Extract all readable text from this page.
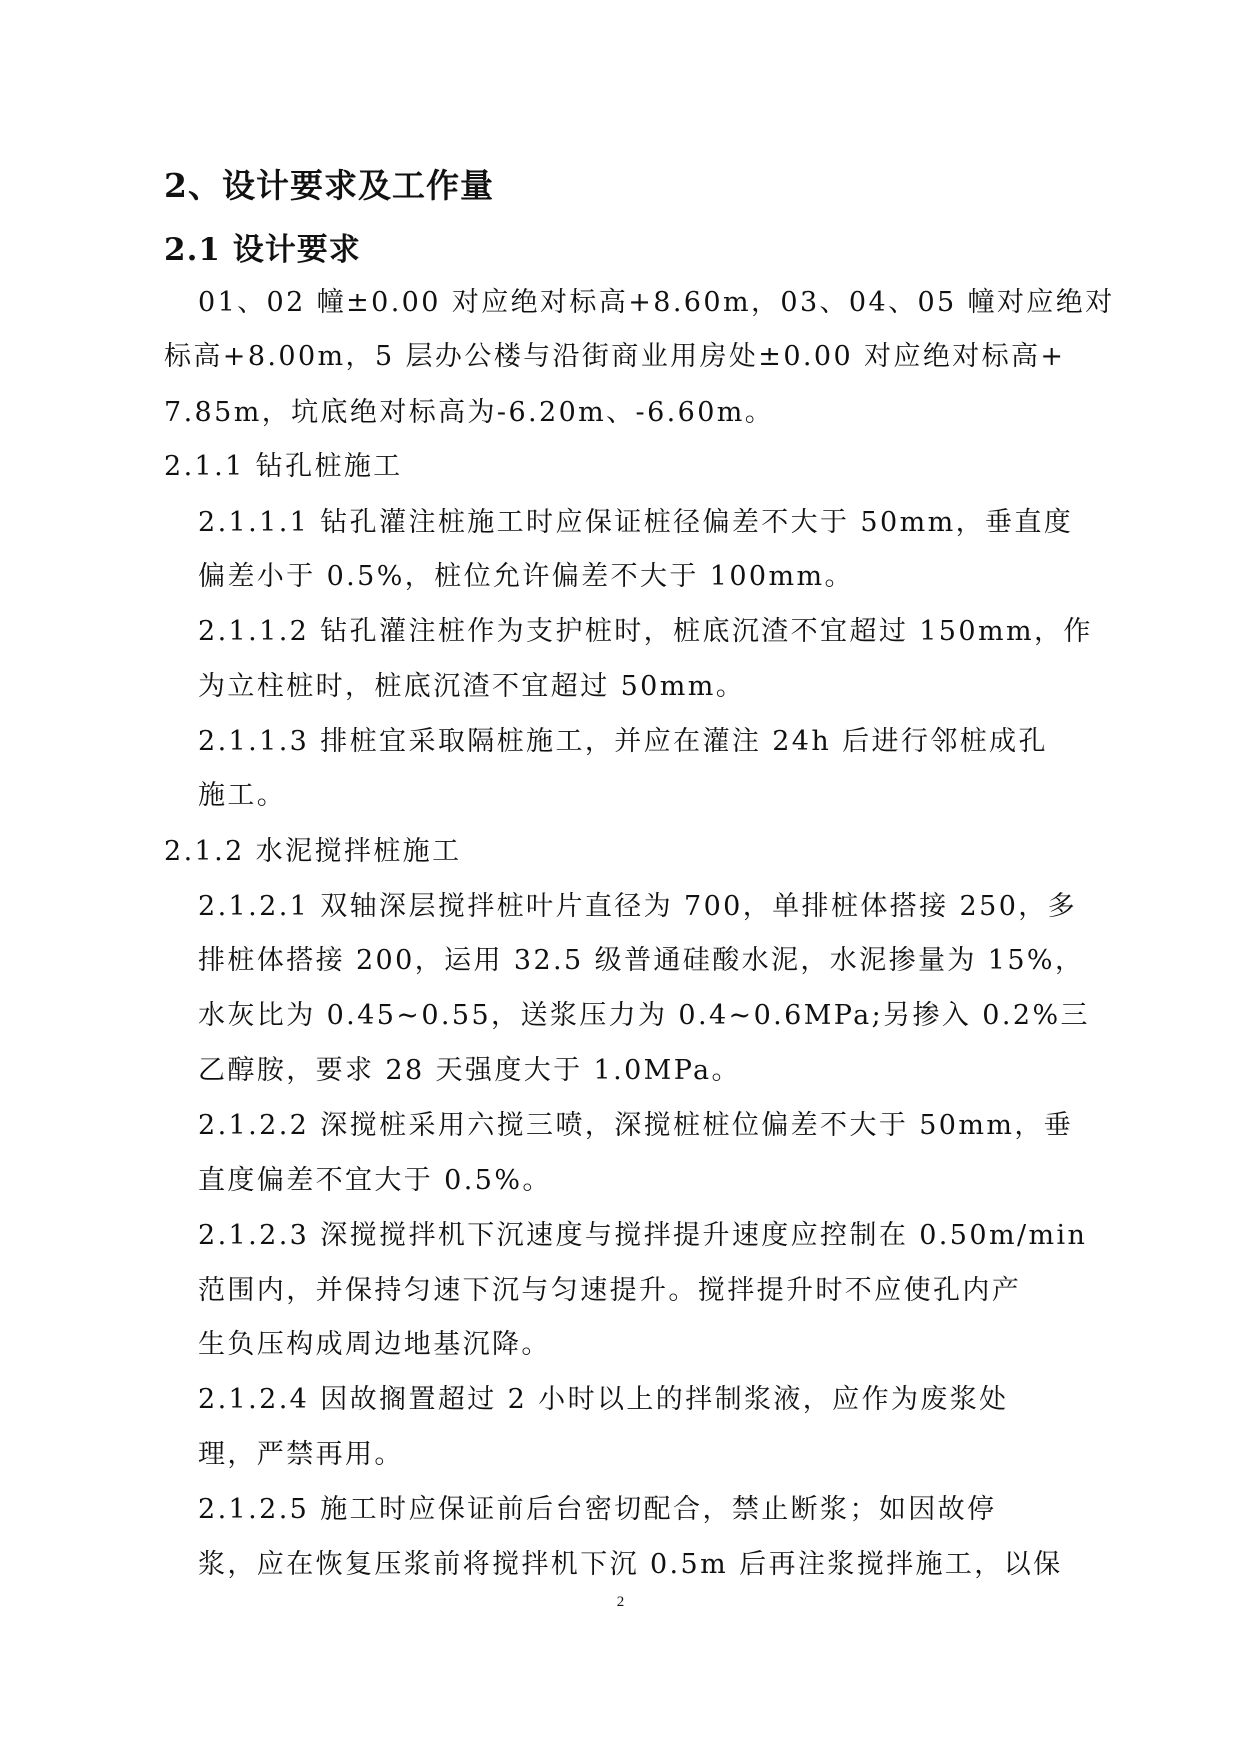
2、设计要求及工作量
2.1 设计要求
01、02 幢±0.00 对应绝对标高+8.60m，03、04、05 幢对应绝对
标高+8.00m，5 层办公楼与沿街商业用房处±0.00 对应绝对标高+
7.85m，坑底绝对标高为-6.20m、-6.60m。
2.1.1 钻孔桩施工
2.1.1.1 钻孔灌注桩施工时应保证桩径偏差不大于 50mm，垂直度
偏差小于 0.5%，桩位允许偏差不大于 100mm。
2.1.1.2 钻孔灌注桩作为支护桩时，桩底沉渣不宜超过 150mm，作
为立柱桩时，桩底沉渣不宜超过 50mm。
2.1.1.3 排桩宜采取隔桩施工，并应在灌注 24h 后进行邻桩成孔
施工。
2.1.2 水泥搅拌桩施工
2.1.2.1 双轴深层搅拌桩叶片直径为 700，单排桩体搭接 250，多
排桩体搭接 200，运用 32.5 级普通硅酸水泥，水泥掺量为 15%，
水灰比为 0.45~0.55，送浆压力为 0.4~0.6MPa;另掺入 0.2%三
乙醇胺，要求 28 天强度大于 1.0MPa。
2.1.2.2 深搅桩采用六搅三喷，深搅桩桩位偏差不大于 50mm，垂
直度偏差不宜大于 0.5%。
2.1.2.3 深搅搅拌机下沉速度与搅拌提升速度应控制在 0.50m/min
范围内，并保持匀速下沉与匀速提升。搅拌提升时不应使孔内产
生负压构成周边地基沉降。
2.1.2.4 因故搁置超过 2 小时以上的拌制浆液，应作为废浆处
理，严禁再用。
2.1.2.5 施工时应保证前后台密切配合，禁止断浆；如因故停
浆，应在恢复压浆前将搅拌机下沉 0.5m 后再注浆搅拌施工，以保
2
